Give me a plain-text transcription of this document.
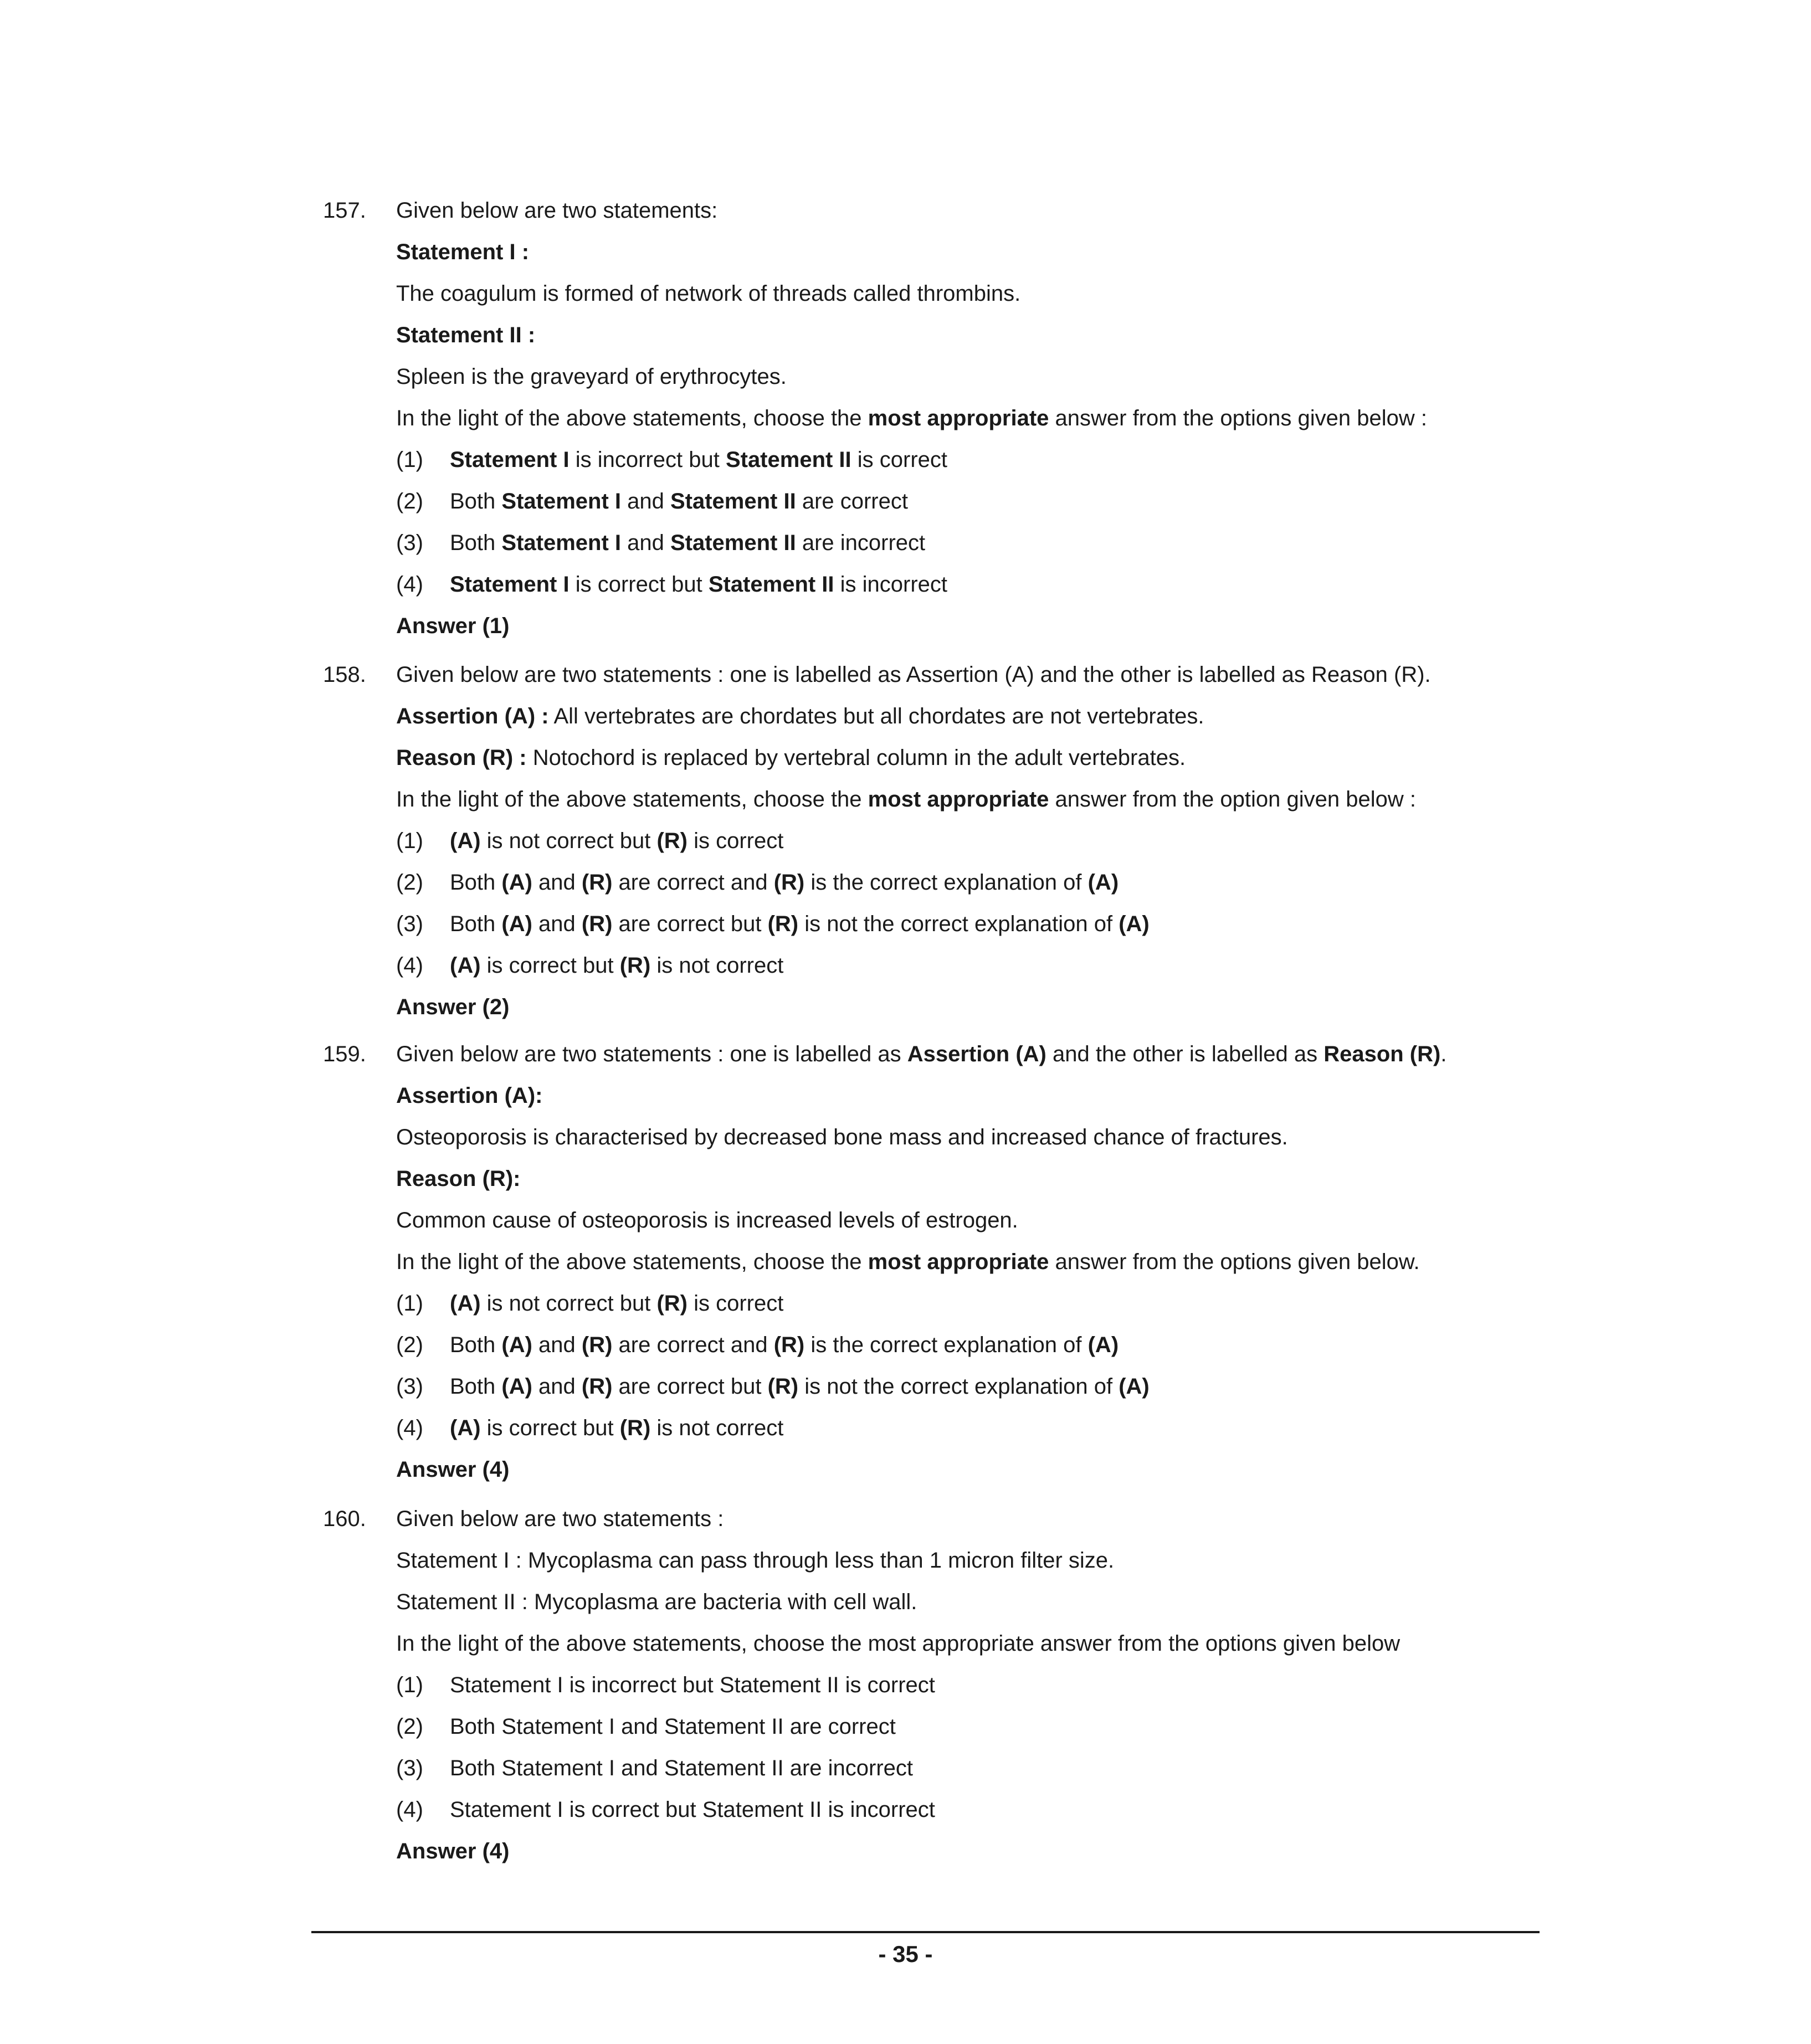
157. Given below are two statements:
Statement I :
The coagulum is formed of network of threads called thrombins.
Statement II :
Spleen is the graveyard of erythrocytes.
In the light of the above statements, choose the most appropriate answer from the options given below :
(1) Statement I is incorrect but Statement II is correct
(2) Both Statement I and Statement II are correct
(3) Both Statement I and Statement II are incorrect
(4) Statement I is correct but Statement II is incorrect
Answer (1)
158. Given below are two statements : one is labelled as Assertion (A) and the other is labelled as Reason (R).
Assertion (A) : All vertebrates are chordates but all chordates are not vertebrates.
Reason (R) : Notochord is replaced by vertebral column in the adult vertebrates.
In the light of the above statements, choose the most appropriate answer from the option given below :
(1) (A) is not correct but (R) is correct
(2) Both (A) and (R) are correct and (R) is the correct explanation of (A)
(3) Both (A) and (R) are correct but (R) is not the correct explanation of (A)
(4) (A) is correct but (R) is not correct
Answer (2)
159. Given below are two statements : one is labelled as Assertion (A) and the other is labelled as Reason (R).
Assertion (A):
Osteoporosis is characterised by decreased bone mass and increased chance of fractures.
Reason (R):
Common cause of osteoporosis is increased levels of estrogen.
In the light of the above statements, choose the most appropriate answer from the options given below.
(1) (A) is not correct but (R) is correct
(2) Both (A) and (R) are correct and (R) is the correct explanation of (A)
(3) Both (A) and (R) are correct but (R) is not the correct explanation of (A)
(4) (A) is correct but (R) is not correct
Answer (4)
160. Given below are two statements :
Statement I : Mycoplasma can pass through less than 1 micron filter size.
Statement II : Mycoplasma are bacteria with cell wall.
In the light of the above statements, choose the most appropriate answer from the options given below
(1) Statement I is incorrect but Statement II is correct
(2) Both Statement I and Statement II are correct
(3) Both Statement I and Statement II are incorrect
(4) Statement I is correct but Statement II is incorrect
Answer (4)
- 35 -
